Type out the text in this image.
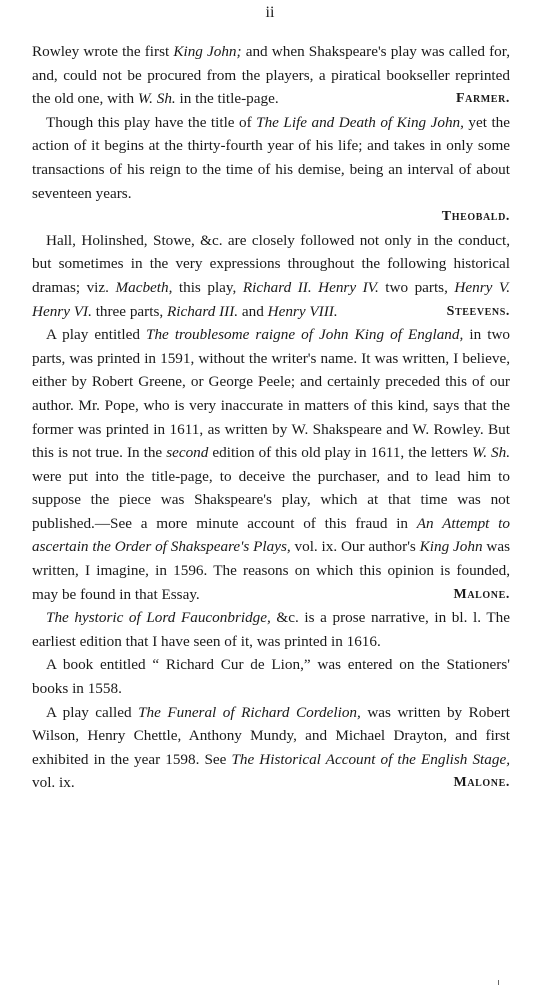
ii

Rowley wrote the first King John; and when Shakspeare's play was called for, and, could not be procured from the players, a piratical bookseller reprinted the old one, with W. Sh. in the title-page.	Farmer.

Though this play have the title of The Life and Death of King John, yet the action of it begins at the thirty-fourth year of his life; and takes in only some transactions of his reign to the time of his demise, being an interval of about seventeen years.

Theobald.

Hall, Holinshed, Stowe, &c. are closely followed not only in the conduct, but sometimes in the very expressions throughout the following historical dramas; viz. Macbeth, this play, Richard II. Henry IV. two parts, Henry V. Henry VI. three parts, Richard III. and Henry VIII.	Steevens.

A play entitled The troublesome raigne of John King of England, in two parts, was printed in 1591, without the writer's name. It was written, I believe, either by Robert Greene, or George Peele; and certainly preceded this of our author. Mr. Pope, who is very inaccurate in matters of this kind, says that the former was printed in 1611, as written by W. Shakspeare and W. Rowley. But this is not true. In the second edition of this old play in 1611, the letters W. Sh. were put into the title-page, to deceive the purchaser, and to lead him to suppose the piece was Shakspeare's play, which at that time was not published.—See a more minute account of this fraud in An Attempt to ascertain the Order of Shakspeare's Plays, vol. ix. Our author's King John was written, I imagine, in 1596. The reasons on which this opinion is founded, may be found in that Essay.	Malone.

The hystoric of Lord Fauconbridge, &c. is a prose narrative, in bl. l. The earliest edition that I have seen of it, was printed in 1616.

A book entitled “ Richard Cur de Lion,” was entered on the Stationers' books in 1558.

A play called The Funeral of Richard Cordelion, was written by Robert Wilson, Henry Chettle, Anthony Mundy, and Michael Drayton, and first exhibited in the year 1598. See The Historical Account of the English Stage, vol. ix.	Malone.
